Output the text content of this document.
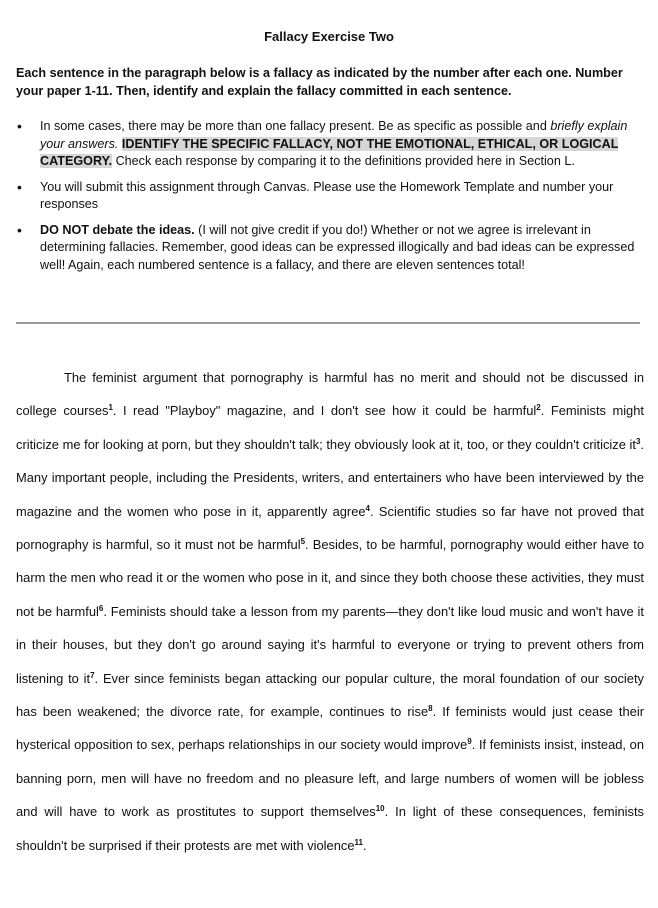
Fallacy Exercise Two
Each sentence in the paragraph below is a fallacy as indicated by the number after each one. Number your paper 1-11. Then, identify and explain the fallacy committed in each sentence.
• In some cases, there may be more than one fallacy present. Be as specific as possible and briefly explain your answers. IDENTIFY THE SPECIFIC FALLACY, NOT THE EMOTIONAL, ETHICAL, OR LOGICAL CATEGORY. Check each response by comparing it to the definitions provided here in Section L.
• You will submit this assignment through Canvas. Please use the Homework Template and number your responses
• DO NOT debate the ideas. (I will not give credit if you do!) Whether or not we agree is irrelevant in determining fallacies. Remember, good ideas can be expressed illogically and bad ideas can be expressed well! Again, each numbered sentence is a fallacy, and there are eleven sentences total!

The feminist argument that pornography is harmful has no merit and should not be discussed in college courses$^1$. I read "Playboy" magazine, and I don't see how it could be harmful$^2$. Feminists might criticize me for looking at porn, but they shouldn't talk; they obviously look at it, too, or they couldn't criticize $it^3$. Many important people, including the Presidents, writers, and entertainers who have been interviewed by the magazine and the women who pose in it, apparently agree$^4$. Scientific studies so far have not proved that pornography is harmful, so it must not be harmful$^5$. Besides, to be harmful, pornography would either have to harm the men who read it or the women who pose in it, and since they both choose these activities, they must not be harmful$^6$. Feminists should take a lesson from my parents—they don't like loud music and won't have it in their houses, but they don't go around saying it's harmful to everyone or trying to prevent others from listening to $it^7$. Ever since feminists began attacking our popular culture, the moral foundation of our society has been weakened; the divorce rate, for example, continues to rise$^8$. If feminists would just cease their hysterical opposition to sex, perhaps relationships in our society would improve$^9$. If feminists insist, instead, on banning porn, men will have no freedom and no pleasure left, and large numbers of women will be jobless and will have to work as prostitutes to support themselves$^{10}$. In light of these consequences, feminists shouldn't be surprised if their protests are met with violence$^{11}$.
